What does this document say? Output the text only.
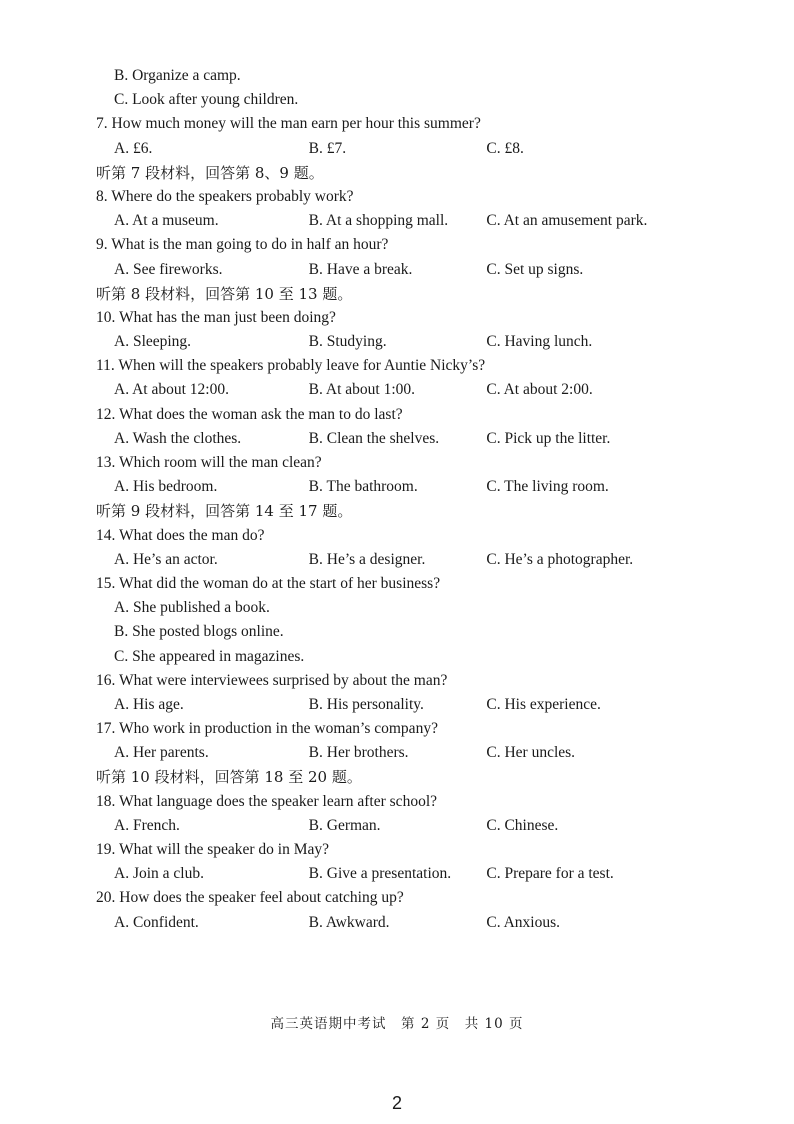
B. Organize a camp.
C. Look after young children.
7. How much money will the man earn per hour this summer?
A. £6.	B. £7.	C. £8.
听第 7 段材料，回答第 8、9 题。
8. Where do the speakers probably work?
A. At a museum.	B. At a shopping mall.	C. At an amusement park.
9. What is the man going to do in half an hour?
A. See fireworks.	B. Have a break.	C. Set up signs.
听第 8 段材料，回答第 10 至 13 题。
10. What has the man just been doing?
A. Sleeping.	B. Studying.	C. Having lunch.
11. When will the speakers probably leave for Auntie Nicky’s?
A. At about 12:00.	B. At about 1:00.	C. At about 2:00.
12. What does the woman ask the man to do last?
A. Wash the clothes.	B. Clean the shelves.	C. Pick up the litter.
13. Which room will the man clean?
A. His bedroom.	B. The bathroom.	C. The living room.
听第 9 段材料，回答第 14 至 17 题。
14. What does the man do?
A. He’s an actor.	B. He’s a designer.	C. He’s a photographer.
15. What did the woman do at the start of her business?
A. She published a book.
B. She posted blogs online.
C. She appeared in magazines.
16. What were interviewees surprised by about the man?
A. His age.	B. His personality.	C. His experience.
17. Who work in production in the woman’s company?
A. Her parents.	B. Her brothers.	C. Her uncles.
听第 10 段材料，回答第 18 至 20 题。
18. What language does the speaker learn after school?
A. French.	B. German.	C. Chinese.
19. What will the speaker do in May?
A. Join a club.	B. Give a presentation.	C. Prepare for a test.
20. How does the speaker feel about catching up?
A. Confident.	B. Awkward.	C. Anxious.
高三英语期中考试　第 2 页　共 10 页
2
